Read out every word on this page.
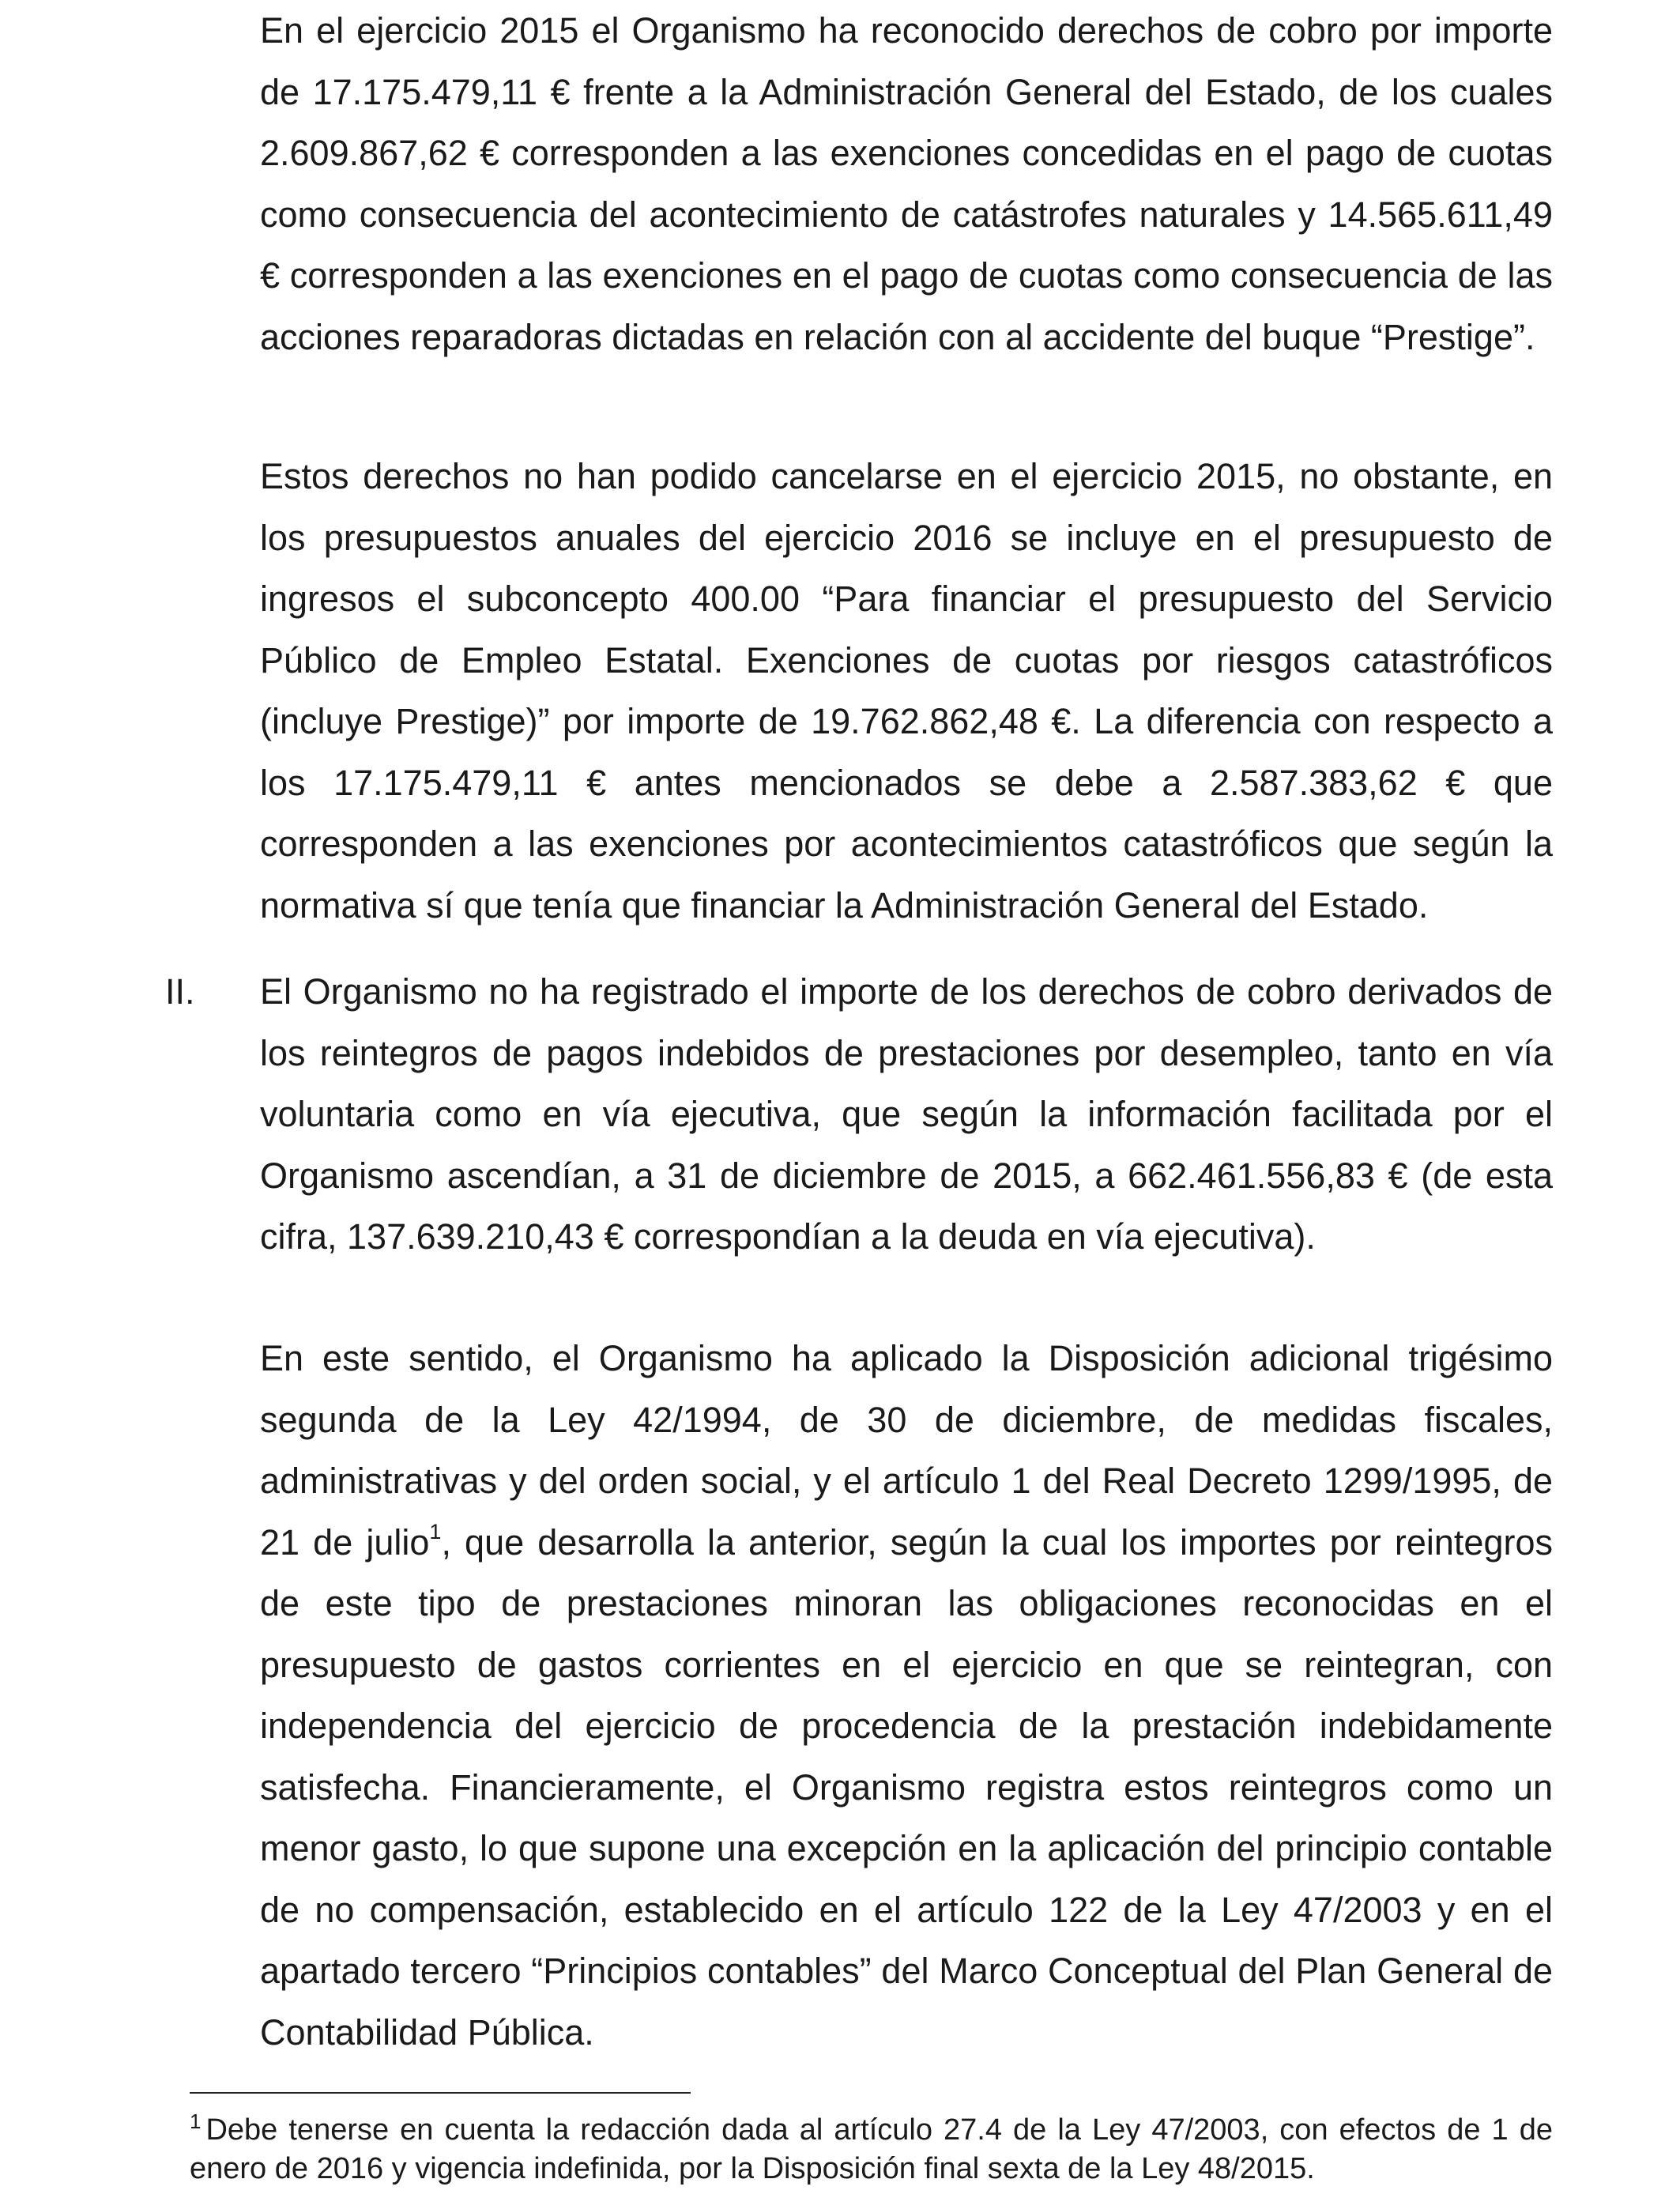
En el ejercicio 2015 el Organismo ha reconocido derechos de cobro por importe de 17.175.479,11 € frente a la Administración General del Estado, de los cuales 2.609.867,62 € corresponden a las exenciones concedidas en el pago de cuotas como consecuencia del acontecimiento de catástrofes naturales y 14.565.611,49 € corresponden a las exenciones en el pago de cuotas como consecuencia de las acciones reparadoras dictadas en relación con al accidente del buque “Prestige”.

Estos derechos no han podido cancelarse en el ejercicio 2015, no obstante, en los presupuestos anuales del ejercicio 2016 se incluye en el presupuesto de ingresos el subconcepto 400.00 “Para financiar el presupuesto del Servicio Público de Empleo Estatal. Exenciones de cuotas por riesgos catastróficos (incluye Prestige)” por importe de 19.762.862,48 €. La diferencia con respecto a los 17.175.479,11 € antes mencionados se debe a 2.587.383,62 € que corresponden a las exenciones por acontecimientos catastróficos que según la normativa sí que tenía que financiar la Administración General del Estado.

II. El Organismo no ha registrado el importe de los derechos de cobro derivados de los reintegros de pagos indebidos de prestaciones por desempleo, tanto en vía voluntaria como en vía ejecutiva, que según la información facilitada por el Organismo ascendían, a 31 de diciembre de 2015, a 662.461.556,83 € (de esta cifra, 137.639.210,43 € correspondían a la deuda en vía ejecutiva).

En este sentido, el Organismo ha aplicado la Disposición adicional trigésimo segunda de la Ley 42/1994, de 30 de diciembre, de medidas fiscales, administrativas y del orden social, y el artículo 1 del Real Decreto 1299/1995, de 21 de julio$^1$, que desarrolla la anterior, según la cual los importes por reintegros de este tipo de prestaciones minoran las obligaciones reconocidas en el presupuesto de gastos corrientes en el ejercicio en que se reintegran, con independencia del ejercicio de procedencia de la prestación indebidamente satisfecha. Financieramente, el Organismo registra estos reintegros como un menor gasto, lo que supone una excepción en la aplicación del principio contable de no compensación, establecido en el artículo 122 de la Ley 47/2003 y en el apartado tercero “Principios contables” del Marco Conceptual del Plan General de Contabilidad Pública.

$^1$ Debe tenerse en cuenta la redacción dada al artículo 27.4 de la Ley 47/2003, con efectos de 1 de enero de 2016 y vigencia indefinida, por la Disposición final sexta de la Ley 48/2015.
